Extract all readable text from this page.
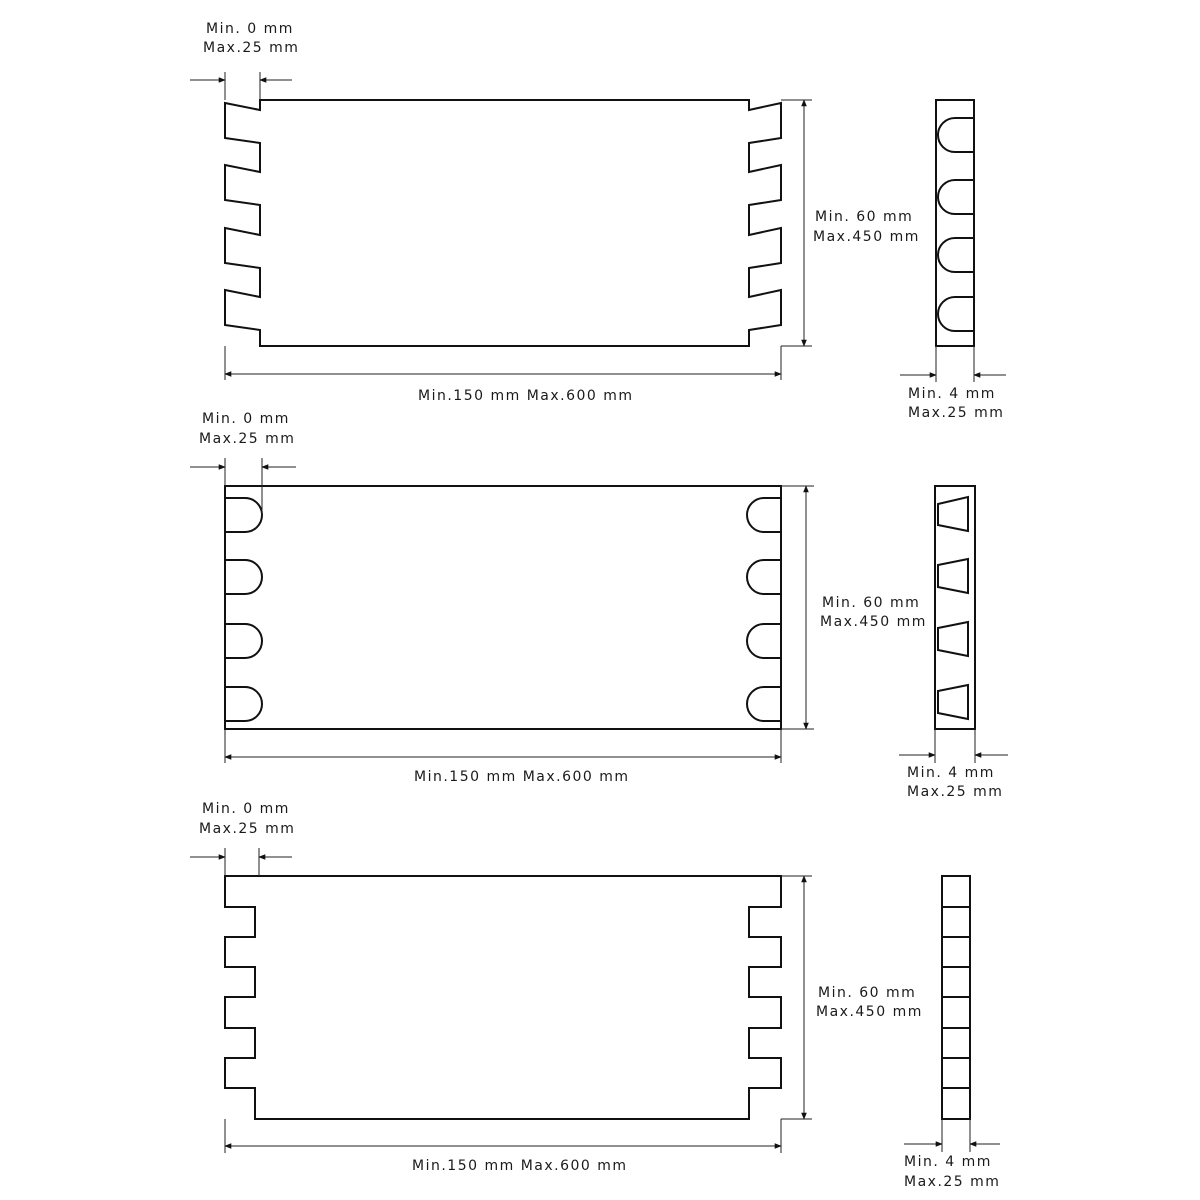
Min. 0 mm
Max.25 mm
Min. 60 mm
Max.450 mm
Min.150 mm Max.600 mm	Min. 4 mm
Max.25 mm
Min. 0 mm
Max.25 mm
Min. 60 mm
Max.450 mm
Min.150 mm Max.600 mm	Min. 4 mm
Max.25 mm
Min. 0 mm
Max.25 mm
Min. 60 mm
Max.450 mm
Min.150 mm Max.600 mm	Min. 4 mm
Max.25 mm
